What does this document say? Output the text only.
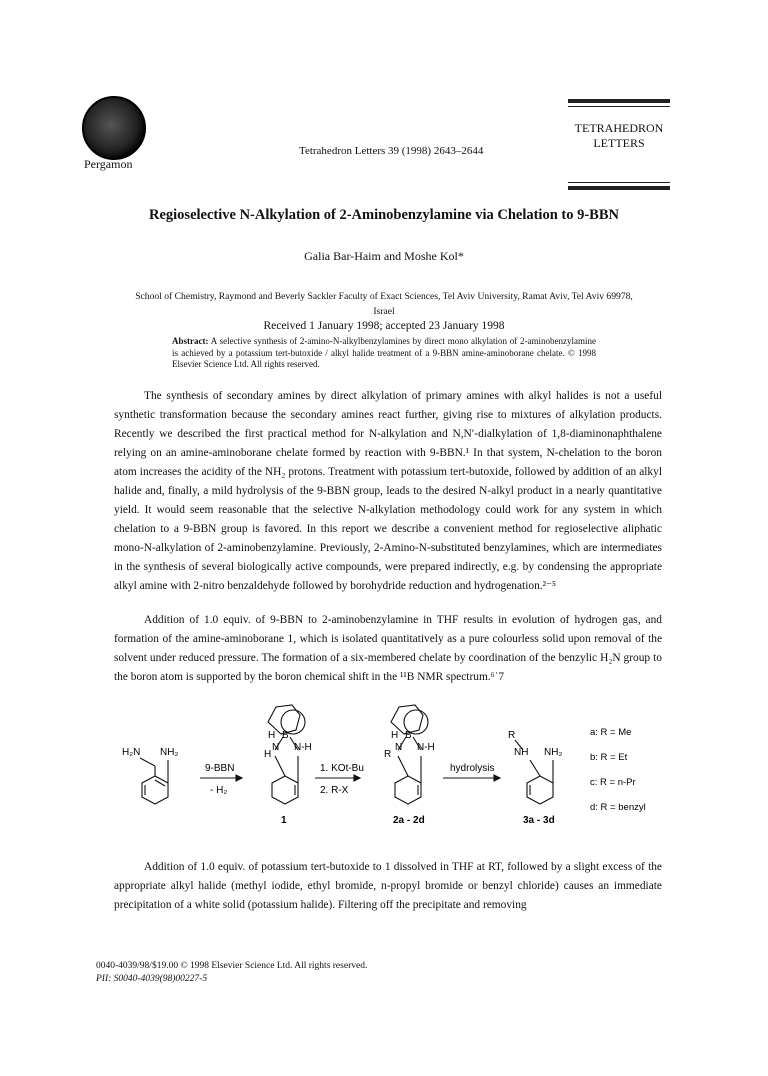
Pergamon
Tetrahedron Letters 39 (1998) 2643–2644
TETRAHEDRON
LETTERS
Regioselective N-Alkylation of 2-Aminobenzylamine via Chelation to 9-BBN
Galia Bar-Haim and Moshe Kol*
School of Chemistry, Raymond and Beverly Sackler Faculty of Exact Sciences, Tel Aviv University, Ramat Aviv, Tel Aviv 69978,
Israel
Received 1 January 1998; accepted 23 January 1998
Abstract: A selective synthesis of 2-amino-N-alkylbenzylamines by direct mono alkylation of 2-aminobenzylamine is achieved by a potassium tert-butoxide / alkyl halide treatment of a 9-BBN amine-aminoborane chelate. © 1998 Elsevier Science Ltd. All rights reserved.

The synthesis of secondary amines by direct alkylation of primary amines with alkyl halides is not a useful synthetic transformation because the secondary amines react further, giving rise to mixtures of alkylation products. Recently we described the first practical method for N-alkylation and N,N′-dialkylation of 1,8-diaminonaphthalene relying on an amine-aminoborane chelate formed by reaction with 9-BBN.¹ In that system, N-chelation to the boron atom increases the acidity of the NH₂ protons. Treatment with potassium tert-butoxide, followed by addition of an alkyl halide and, finally, a mild hydrolysis of the 9-BBN group, leads to the desired N-alkyl product in a nearly quantitative yield. It would seem reasonable that the selective N-alkylation methodology could work for any system in which chelation to a 9-BBN group is favored. In this report we describe a convenient method for regioselective aliphatic mono-N-alkylation of 2-aminobenzylamine. Previously, 2-Amino-N-substituted benzylamines, which are intermediates in the synthesis of several biologically active compounds, were prepared indirectly, e.g. by condensing the appropriate alkyl amine with 2-nitro benzaldehyde followed by borohydride reduction and hydrogenation.²⁻⁵

Addition of 1.0 equiv. of 9-BBN to 2-aminobenzylamine in THF results in evolution of hydrogen gas, and formation of the amine-aminoborane 1, which is isolated quantitatively as a pure colourless solid upon removal of the solvent under reduced pressure. The formation of a six-membered chelate by coordination of the benzylic H₂N group to the boron atom is supported by the boron chemical shift in the ¹¹B NMR spectrum.⁶˙7

H₂N NH₂
9-BBN
- H₂
H B
H
N N-H
1
1. KOt-Bu
2. R-X
H B
R
N N-H
2a - 2d
hydrolysis
R
NH NH₂
3a - 3d
a: R = Me
b: R = Et
c: R = n-Pr
d: R = benzyl

Addition of 1.0 equiv. of potassium tert-butoxide to 1 dissolved in THF at RT, followed by a slight excess of the appropriate alkyl halide (methyl iodide, ethyl bromide, n-propyl bromide or benzyl chloride) causes an immediate precipitation of a white solid (potassium halide). Filtering off the precipitate and removing

0040-4039/98/$19.00 © 1998 Elsevier Science Ltd. All rights reserved.
PII: S0040-4039(98)00227-5
